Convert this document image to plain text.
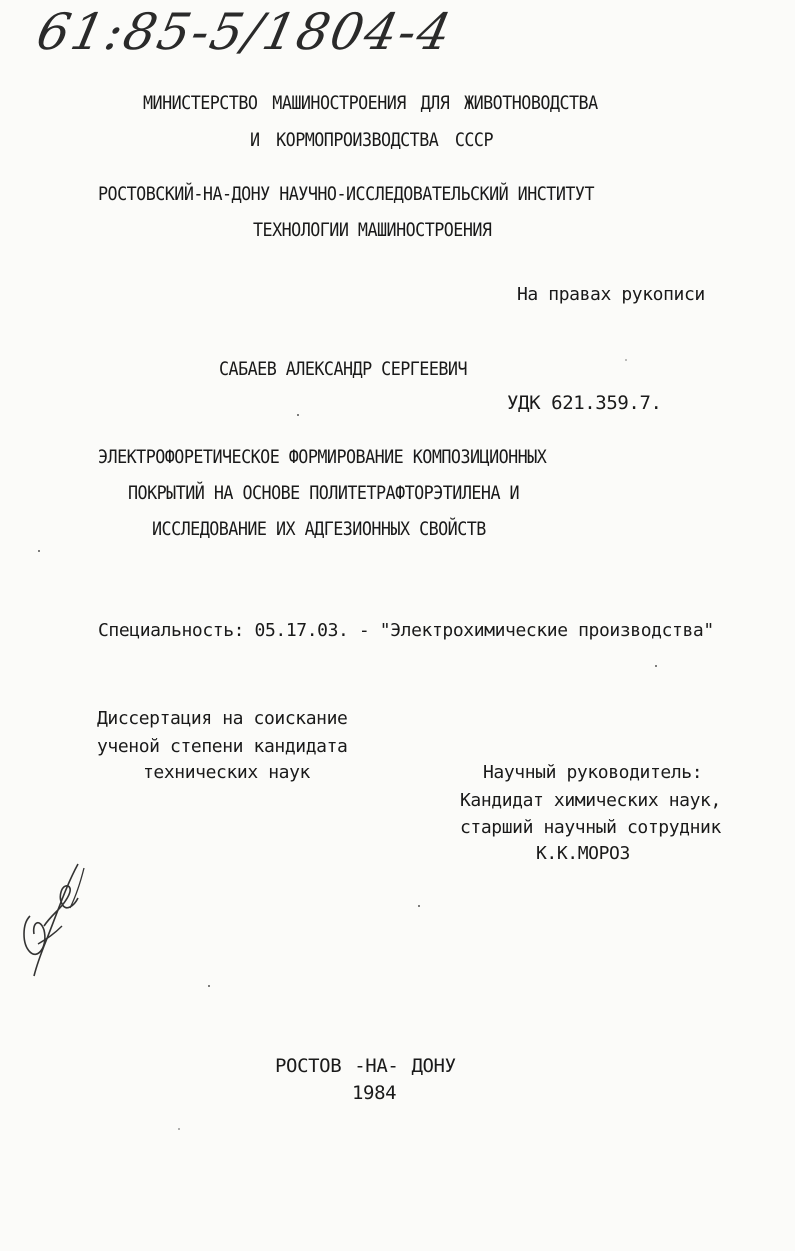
61:85-5/1804-4
МИНИСТЕРСТВО МАШИНОСТРОЕНИЯ ДЛЯ ЖИВОТНОВОДСТВА
И КОРМОПРОИЗВОДСТВА СССР
РОСТОВСКИЙ-НА-ДОНУ НАУЧНО-ИССЛЕДОВАТЕЛЬСКИЙ ИНСТИТУТ
ТЕХНОЛОГИИ МАШИНОСТРОЕНИЯ
На правах рукописи
САБАЕВ АЛЕКСАНДР СЕРГЕЕВИЧ
УДК 621.359.7.
ЭЛЕКТРОФОРЕТИЧЕСКОЕ ФОРМИРОВАНИЕ КОМПОЗИЦИОННЫХ
ПОКРЫТИЙ НА ОСНОВЕ ПОЛИТЕТРАФТОРЭТИЛЕНА И
ИССЛЕДОВАНИЕ ИХ АДГЕЗИОННЫХ СВОЙСТВ
Специальность: 05.17.03. - "Электрохимические производства"
Диссертация на соискание
ученой степени кандидата
технических наук	Научный руководитель:
Кандидат химических наук,
старший научный сотрудник
К.К.МОРОЗ
РОСТОВ -НА- ДОНУ
1984
